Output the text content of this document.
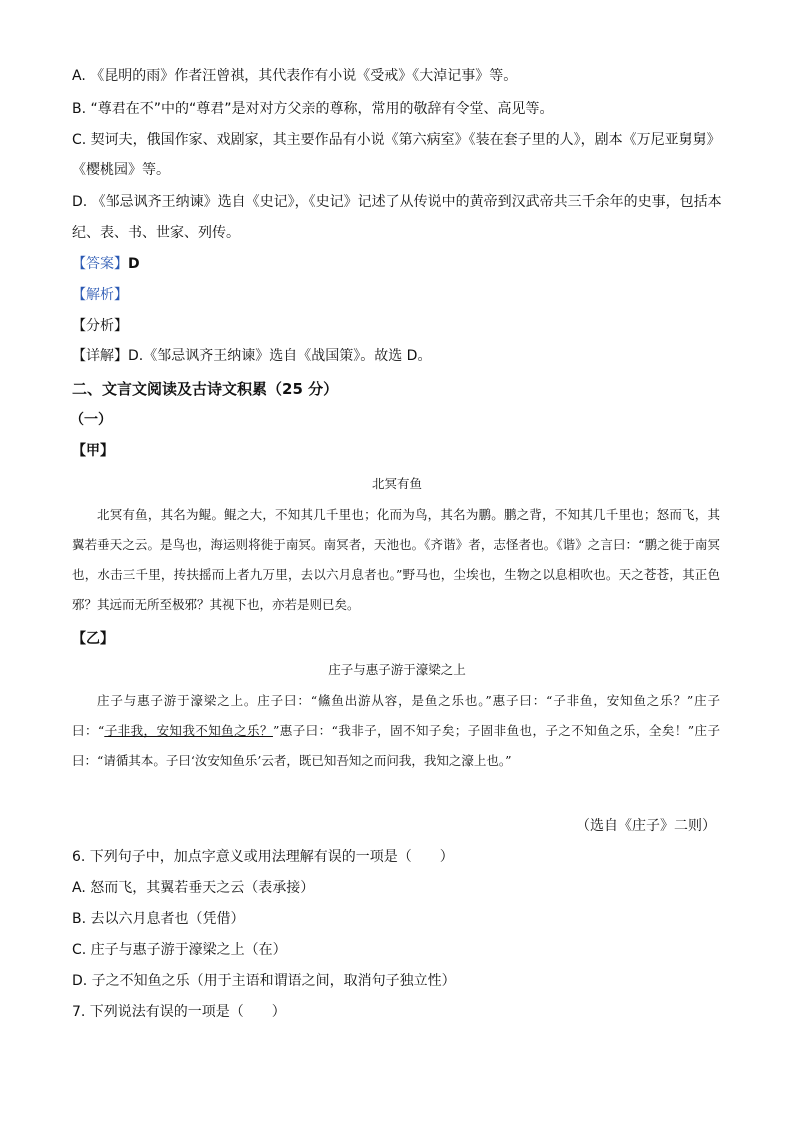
A. 《昆明的雨》作者汪曾祺，其代表作有小说《受戒》《大淖记事》等。
B. “尊君在不”中的“尊君”是对对方父亲的尊称，常用的敬辞有令堂、高见等。
C. 契诃夫，俄国作家、戏剧家，其主要作品有小说《第六病室》《装在套子里的人》，剧本《万尼亚舅舅》
《樱桃园》等。
D. 《邹忌讽齐王纳谏》选自《史记》，《史记》记述了从传说中的黄帝到汉武帝共三千余年的史事，包括本
纪、表、书、世家、列传。
【答案】D
【解析】
【分析】
【详解】D.《邹忌讽齐王纳谏》选自《战国策》。故选 D。
二、文言文阅读及古诗文积累（25 分）
（一）
【甲】
北冥有鱼

北冥有鱼，其名为鲲。鲲之大，不知其几千里也；化而为鸟，其名为鹏。鹏之背，不知其几千里也；怒而飞，其翼若垂天之云。是鸟也，海运则将徙于南冥。南冥者，天池也。《齐谐》者，志怪者也。《谐》之言曰：“鹏之徙于南冥也，水击三千里，抟扶摇而上者九万里，去以六月息者也。”野马也，尘埃也，生物之以息相吹也。天之苍苍，其正色邪？其远而无所至极邪？其视下也，亦若是则已矣。

【乙】
庄子与惠子游于濠梁之上

庄子与惠子游于濠梁之上。庄子曰：“鯈鱼出游从容，是鱼之乐也。”惠子曰：“子非鱼，安知鱼之乐？”庄子曰：“子非我，安知我不知鱼之乐？”惠子曰：“我非子，固不知子矣；子固非鱼也，子之不知鱼之乐，全矣！”庄子曰：“请循其本。子曰‘汝安知鱼乐’云者，既已知吾知之而问我，我知之濠上也。”

（选自《庄子》二则）
6. 下列句子中，加点字意义或用法理解有误的一项是（　　）
A. 怒而飞，其翼若垂天之云（表承接）
B. 去以六月息者也（凭借）
C. 庄子与惠子游于濠梁之上（在）
D. 子之不知鱼之乐（用于主语和谓语之间，取消句子独立性）
7. 下列说法有误的一项是（　　）
